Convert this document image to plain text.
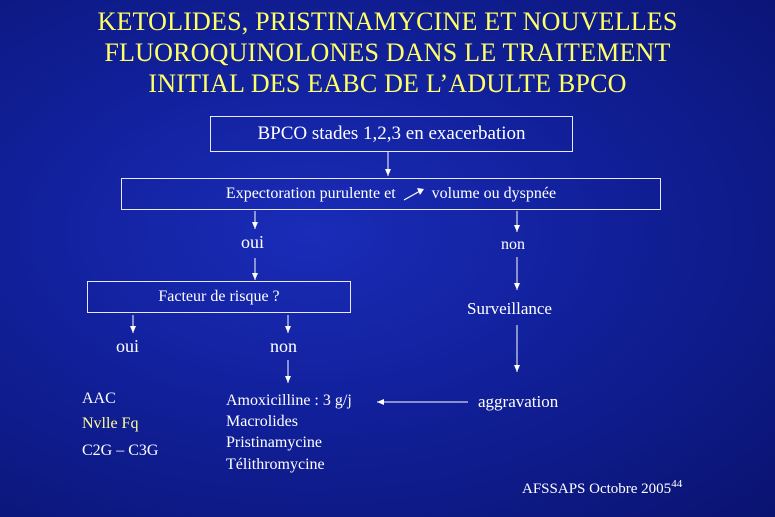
KETOLIDES, PRISTINAMYCINE ET NOUVELLES
FLUOROQUINOLONES DANS LE TRAITEMENT
INITIAL DES EABC DE L’ADULTE BPCO
BPCO stades 1,2,3 en exacerbation
Expectoration purulente et volume ou dyspnée
oui	non
Facteur de risque ?
Surveillance
oui	non
AAC
Nvlle Fq
C2G – C3G
Amoxicilline : 3 g/j
Macrolides
Pristinamycine
Télithromycine
aggravation
AFSSAPS Octobre 2005$^{44}$
